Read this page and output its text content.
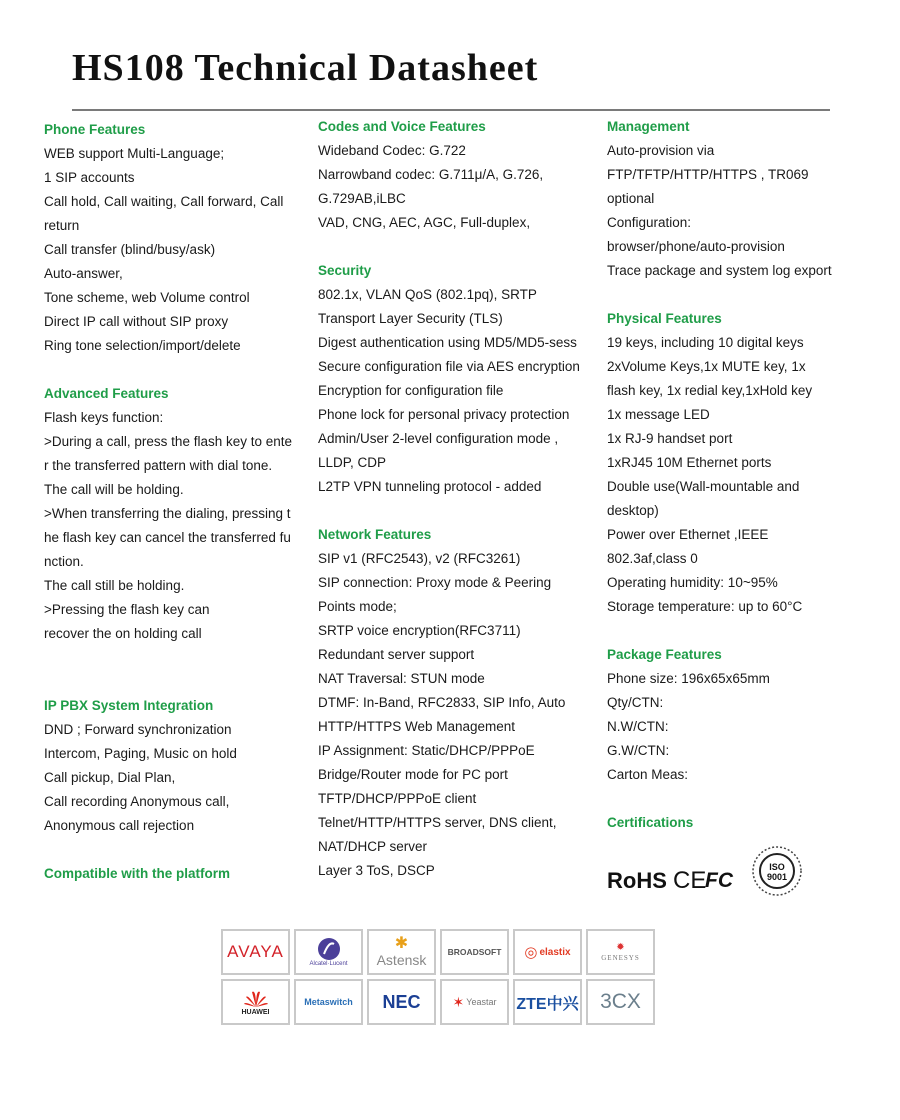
HS108 Technical Datasheet
Phone Features
WEB support Multi-Language;
1 SIP accounts
Call hold, Call waiting, Call forward, Call
return
Call transfer (blind/busy/ask)
Auto-answer,
Tone scheme, web Volume control
Direct IP call without SIP proxy
Ring tone selection/import/delete
Advanced Features
Flash keys function:
>During a call, press the flash key to ente
r the transferred pattern with dial tone.
The call will be holding.
>When transferring the dialing, pressing t
he flash key can cancel the transferred fu
nction.
The call still be holding.
>Pressing the flash key can
recover the on holding call
IP PBX System Integration
DND ; Forward synchronization
Intercom, Paging, Music on hold
Call pickup, Dial Plan,
Call recording Anonymous call,
Anonymous call rejection
Compatible with the platform
Codes and Voice Features
Wideband Codec: G.722
Narrowband codec: G.711μ/A, G.726,
G.729AB,iLBC
VAD, CNG, AEC, AGC, Full-duplex,
Security
802.1x, VLAN QoS (802.1pq), SRTP
Transport Layer Security (TLS)
Digest authentication using MD5/MD5-sess
Secure configuration file via AES encryption
Encryption for configuration file
Phone lock for personal privacy protection
Admin/User 2-level configuration mode ,
LLDP, CDP
L2TP VPN tunneling protocol - added
Network Features
SIP v1 (RFC2543), v2 (RFC3261)
SIP connection: Proxy mode & Peering
Points mode;
SRTP voice encryption(RFC3711)
Redundant server support
NAT Traversal: STUN mode
DTMF: In-Band, RFC2833, SIP Info, Auto
HTTP/HTTPS Web Management
IP Assignment: Static/DHCP/PPPoE
Bridge/Router mode for PC port
TFTP/DHCP/PPPoE client
Telnet/HTTP/HTTPS server, DNS client,
NAT/DHCP server
Layer 3 ToS, DSCP
Management
Auto-provision via
FTP/TFTP/HTTP/HTTPS , TR069
optional
Configuration:
browser/phone/auto-provision
Trace package and system log export
Physical Features
19 keys, including 10 digital keys
2xVolume Keys,1x MUTE key, 1x
flash key, 1x redial key,1xHold key
1x message LED
1x RJ-9 handset port
1xRJ45 10M Ethernet ports
Double use(Wall-mountable and
desktop)
Power over Ethernet ,IEEE
802.3af,class 0
Operating humidity: 10~95%
Storage temperature: up to 60°C
Package Features
Phone size: 196x65x65mm
Qty/CTN:
N.W/CTN:
G.W/CTN:
Carton Meas:
Certifications
RoHS CE
FC
ISO
9001
AVAYA
Alcatel·Lucent
✱
Astensk BROADSOFT ◎ elastix	✹
GENESYS
HUAWEI
Metaswitch NEC ✶ Yeastar ZTE中兴 3CX
